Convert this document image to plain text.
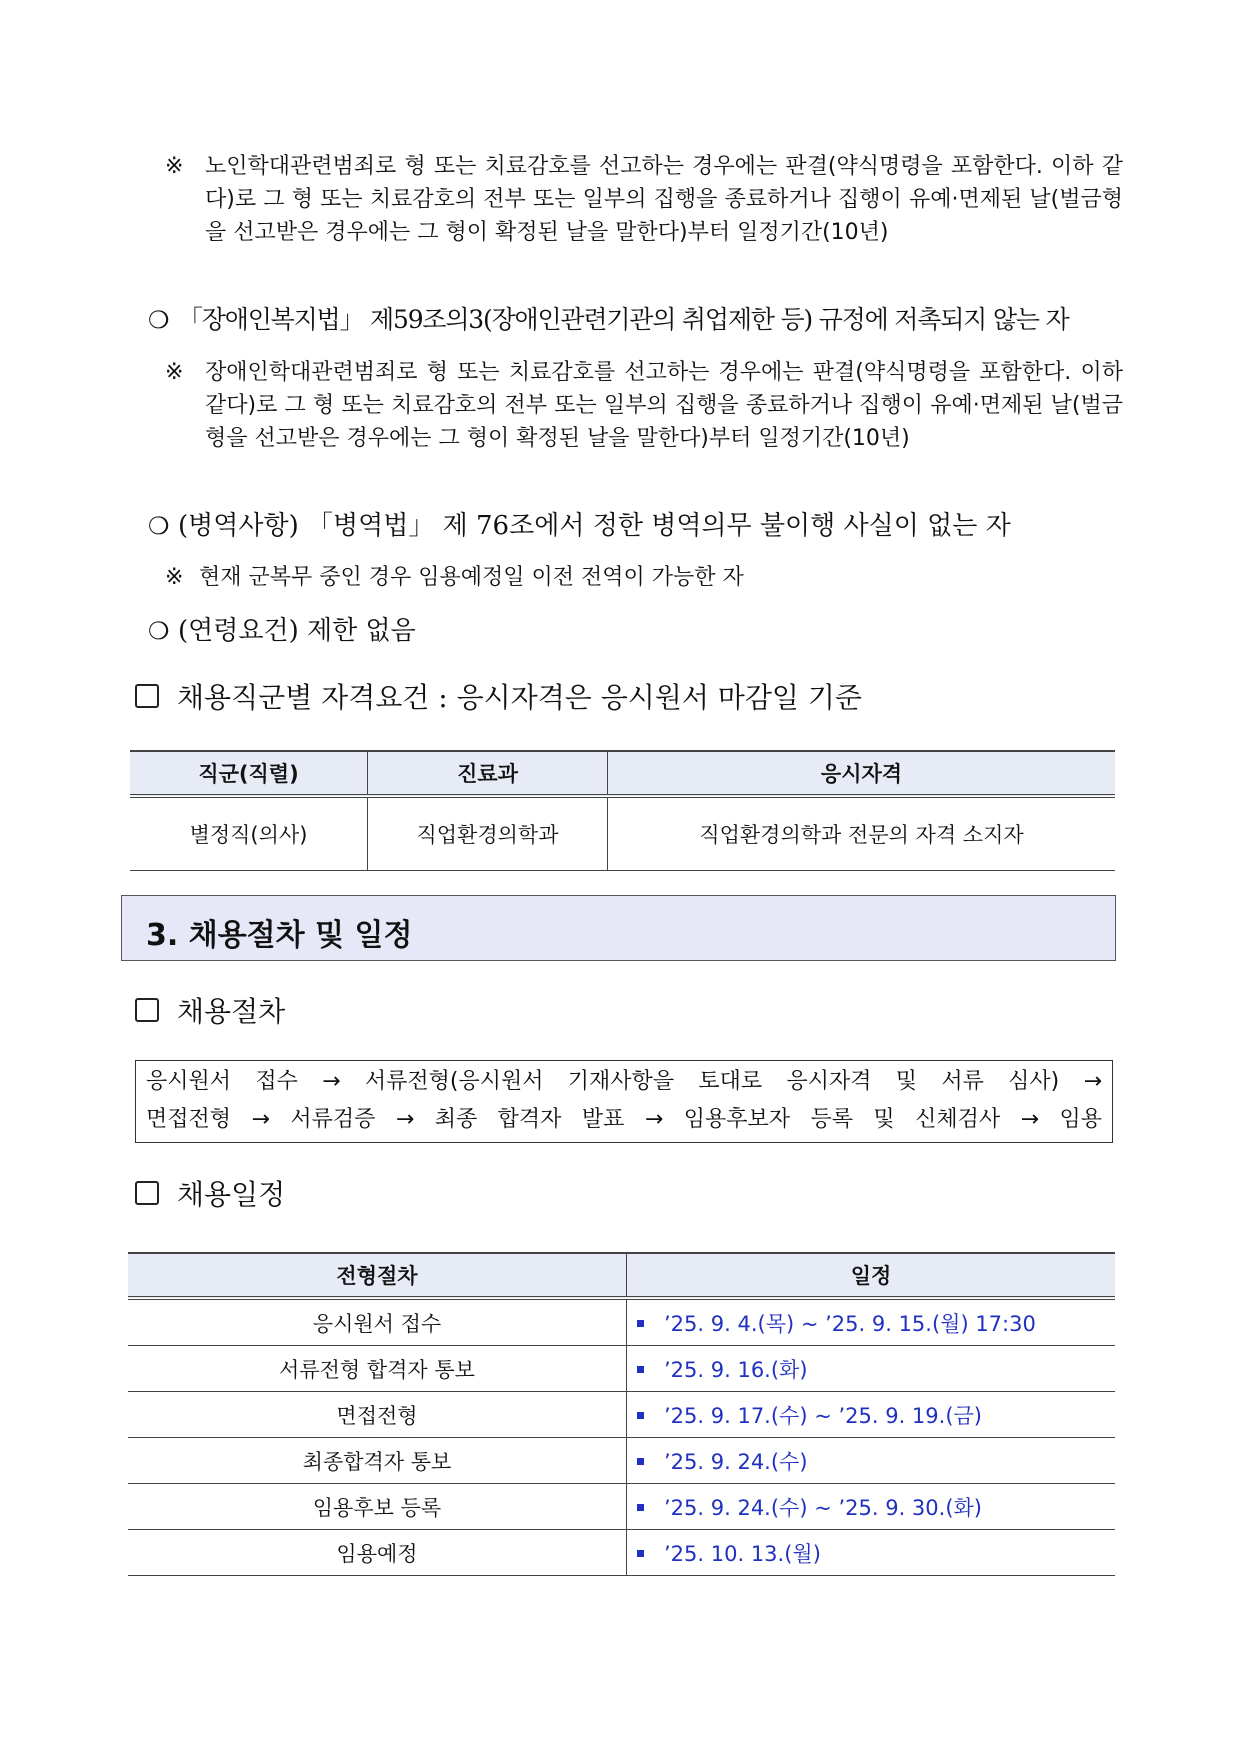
※ 노인학대관련범죄로 형 또는 치료감호를 선고하는 경우에는 판결(약식명령을 포함한다. 이하 같다)로 그 형 또는 치료감호의 전부 또는 일부의 집행을 종료하거나 집행이 유예·면제된 날(벌금형을 선고받은 경우에는 그 형이 확정된 날을 말한다)부터 일정기간(10년)
❍ 「장애인복지법」 제59조의3(장애인관련기관의 취업제한 등) 규정에 저촉되지 않는 자
※ 장애인학대관련범죄로 형 또는 치료감호를 선고하는 경우에는 판결(약식명령을 포함한다. 이하 같다)로 그 형 또는 치료감호의 전부 또는 일부의 집행을 종료하거나 집행이 유예·면제된 날(벌금형을 선고받은 경우에는 그 형이 확정된 날을 말한다)부터 일정기간(10년)
❍ (병역사항) 「병역법」 제 76조에서 정한 병역의무 불이행 사실이 없는 자
※ 현재 군복무 중인 경우 임용예정일 이전 전역이 가능한 자
❍ (연령요건) 제한 없음
채용직군별 자격요건 : 응시자격은 응시원서 마감일 기준
직군(직렬)	진료과	응시자격
별정직(의사)	직업환경의학과	직업환경의학과 전문의 자격 소지자
3. 채용절차 및 일정
채용절차
응시원서 접수 → 서류전형(응시원서 기재사항을 토대로 응시자격 및 서류 심사) →
면접전형 → 서류검증 → 최종 합격자 발표 → 임용후보자 등록 및 신체검사 → 임용
채용일정
전형절차	일정
응시원서 접수	’25. 9. 4.(목) ~ ’25. 9. 15.(월) 17:30
서류전형 합격자 통보	’25. 9. 16.(화)
면접전형	’25. 9. 17.(수) ~ ’25. 9. 19.(금)
최종합격자 통보	’25. 9. 24.(수)
임용후보 등록	’25. 9. 24.(수) ~ ’25. 9. 30.(화)
임용예정	’25. 10. 13.(월)
